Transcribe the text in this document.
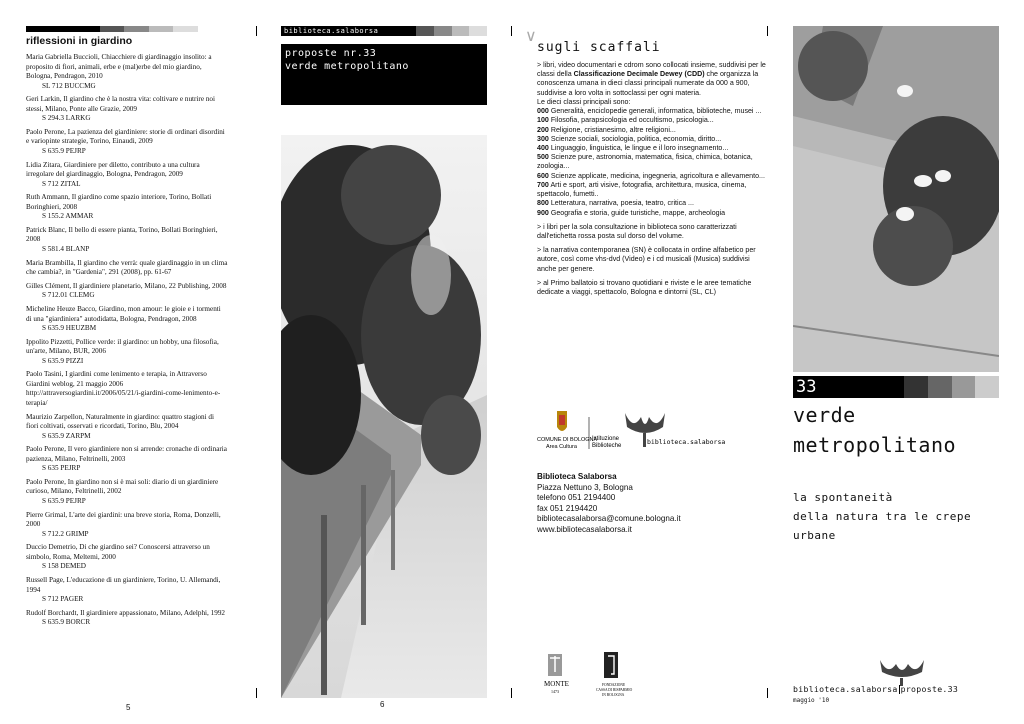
riflessioni in giardino
Maria Gabriella Buccioli, Chiacchiere di giardinaggio insolito: a proposito di fiori, animali, erbe e (mal)erbe del mio giardino, Bologna, Pendragon, 2010
SL 712 BUCCMG
Geri Larkin, Il giardino che è la nostra vita: coltivare e nutrire noi stessi, Milano, Ponte alle Grazie, 2009
S 294.3 LARKG
Paolo Perone, La pazienza del giardiniere: storie di ordinari disordini e variopinte strategie, Torino, Einaudi, 2009
S 635.9 PEJRP
Lidia Zitara, Giardiniere per diletto, contributo a una cultura irregolare del giardinaggio, Bologna, Pendragon, 2009
S 712 ZITAL
Ruth Ammann, Il giardino come spazio interiore, Torino, Bollati Boringhieri, 2008
S 155.2 AMMAR
Patrick Blanc, Il bello di essere pianta, Torino, Bollati Boringhieri, 2008
S 581.4 BLANP
Maria Brambilla, Il giardino che verrà: quale giardinaggio in un clima che cambia?, in "Gardenia", 291 (2008), pp. 61-67
Gilles Clément, Il giardiniere planetario, Milano, 22 Publishing, 2008
S 712.01 CLEMG
Micheline Heuze Bacco, Giardino, mon amour: le gioie e i tormenti di una "giardiniera" autodidatta, Bologna, Pendragon, 2008
S 635.9 HEUZBM
Ippolito Pizzetti, Pollice verde: il giardino: un hobby, una filosofia, un'arte, Milano, BUR, 2006
S 635.9 PIZZI
Paolo Tasini, I giardini come lenimento e terapia, in Attraverso Giardini weblog, 21 maggio 2006 http://attraversogiardini.it/2006/05/21/i-giardini-come-lenimento-e-terapia/
Maurizio Zarpellon, Naturalmente in giardino: quattro stagioni di fiori coltivati, osservati e ricordati, Torino, Blu, 2004
S 635.9 ZARPM
Paolo Perone, Il vero giardiniere non si arrende: cronache di ordinaria pazienza, Milano, Feltrinelli, 2003
S 635 PEJRP
Paolo Perone, In giardino non si è mai soli: diario di un giardiniere curioso, Milano, Feltrinelli, 2002
S 635.9 PEJRP
Pierre Grimal, L'arte dei giardini: una breve storia, Roma, Donzelli, 2000
S 712.2 GRIMP
Duccio Demetrio, Di che giardino sei? Conoscersi attraverso un simbolo, Roma, Meltemi, 2000
S 158 DEMED
Russell Page, L'educazione di un giardiniere, Torino, U. Allemandi, 1994
S 712 PAGER
Rudolf Borchardt, Il giardiniere appassionato, Milano, Adelphi, 1992
S 635.9 BORCR
5
biblioteca.salaborsa
proposte nr.33
verde metropolitano
6
∨
sugli scaffali

> libri, video documentari e cdrom sono collocati insieme, suddivisi per le classi della Classificazione Decimale Dewey (CDD) che organizza la conoscenza umana in dieci classi principali numerate da 000 a 900, suddivise a loro volta in sottoclassi per ogni materia.
Le dieci classi principali sono:
000 Generalità, enciclopedie generali, informatica, biblioteche, musei ...
100 Filosofia, parapsicologia ed occultismo, psicologia...
200 Religione, cristianesimo, altre religioni...
300 Scienze sociali, sociologia, politica, economia, diritto...
400 Linguaggio, linguistica, le lingue e il loro insegnamento...
500 Scienze pure, astronomia, matematica, fisica, chimica, botanica, zoologia...
600 Scienze applicate, medicina, ingegneria, agricoltura e allevamento...
700 Arti e sport, arti visive, fotografia, architettura, musica, cinema, spettacolo, fumetti..
800 Letteratura, narrativa, poesia, teatro, critica ...
900 Geografia e storia, guide turistiche, mappe, archeologia

> i libri per la sola consultazione in biblioteca sono caratterizzati dall'etichetta rossa posta sul dorso del volume.

> la narrativa contemporanea (SN) è collocata in ordine alfabetico per autore, così come vhs-dvd (Video) e i cd musicali (Musica) suddivisi anche per genere.

> al Primo ballatoio si trovano quotidiani e riviste e le aree tematiche dedicate a viaggi, spettacolo, Bologna e dintorni (SL, CL)

COMUNE DI BOLOGNA
Area Cultura
Istituzione
Biblioteche	biblioteca.salaborsa
Biblioteca Salaborsa
Piazza Nettuno 3, Bologna
telefono 051 2194400
fax 051 2194420
bibliotecasalaborsa@comune.bologna.it
www.bibliotecasalaborsa.it
MONTE
1473
FONDAZIONE
CASSA DI RISPARMIO
IN BOLOGNA
33
verde
metropolitano
la spontaneità
della natura tra le crepe
urbane
biblioteca.salaborsa proposte.33
maggio '10
